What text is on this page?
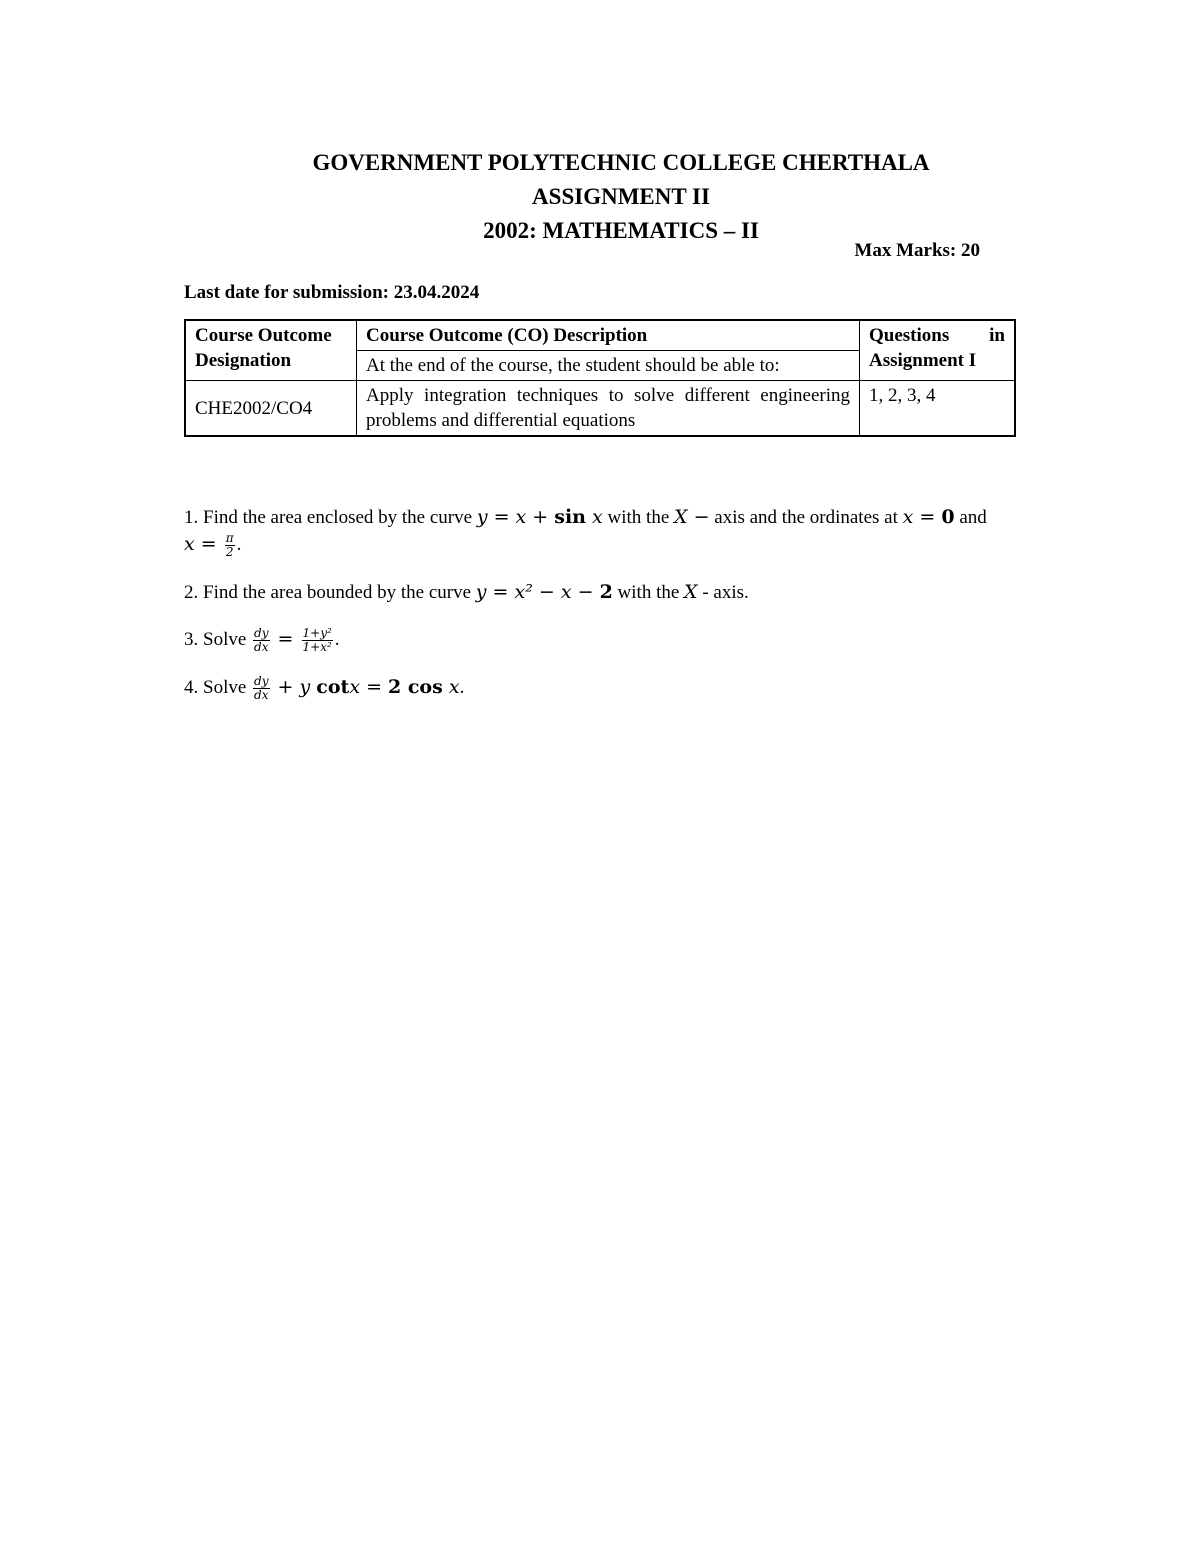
GOVERNMENT POLYTECHNIC COLLEGE CHERTHALA
ASSIGNMENT II
2002: MATHEMATICS – II
Max Marks: 20
Last date for submission: 23.04.2024
Course Outcome Designation	Course Outcome (CO) Description	Questions in Assignment I
	At the end of the course, the student should be able to:	
CHE2002/CO4	Apply integration techniques to solve different engineering problems and differential equations	1, 2, 3, 4

1. Find the area enclosed by the curve y = x + sin x with the X − axis and the ordinates at x = 0 and
$x = \frac{\pi}{2}$ .

2. Find the area bounded by the curve y = x² − x − 2 with the X - axis.

3. Solve $\frac{dy}{dx} = \frac{\text{1+y²}}{\text{1+x²}}$ .

4. Solve $\frac{dy}{dx} + y$ cotx = 2 cos x.
